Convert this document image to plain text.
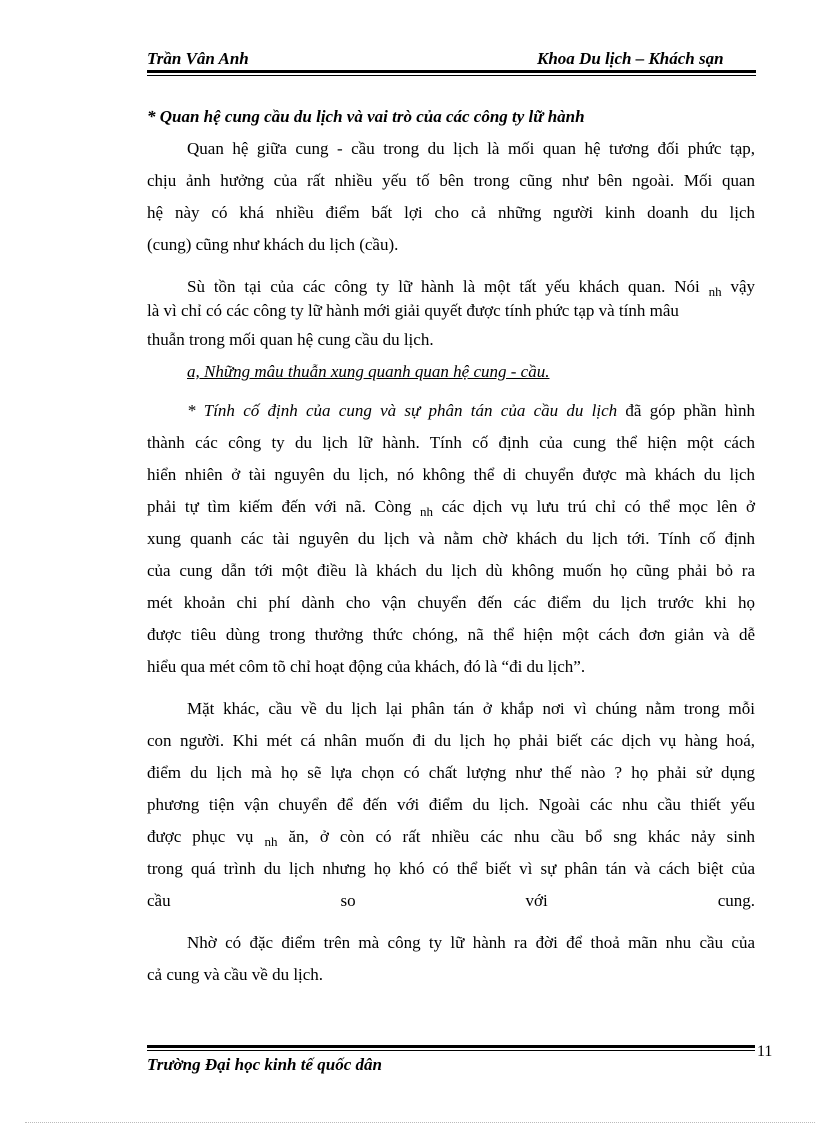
Trần Vân Anh	Khoa Du lịch – Khách sạn
* Quan hệ cung cầu du lịch và vai trò của các công ty lữ hành
Quan hệ giữa cung - cầu trong du lịch là mối quan hệ tương đối phức tạp,
chịu ảnh hưởng của rất nhiều yếu tố bên trong cũng như bên ngoài. Mối quan
hệ này có khá nhiều điểm bất lợi cho cả những người kinh doanh du lịch
(cung) cũng như khách du lịch (cầu).
Sù tồn tại của các công ty lữ hành là một tất yếu khách quan. Nói $_{nh}$ vậy
là vì chỉ có các công ty lữ hành mới giải quyết được tính phức tạp và tính mâu
thuẫn trong mối quan hệ cung cầu du lịch.
a, Những mâu thuẫn xung quanh quan hệ cung - cầu.
* Tính cố định của cung và sự phân tán của cầu du lịch đã góp phần hình
thành các công ty du lịch lữ hành. Tính cố định của cung thể hiện một cách
hiển nhiên ở tài nguyên du lịch, nó không thể di chuyển được mà khách du lịch
phải tự tìm kiếm đến với nã. Còng $_{nh}$ các dịch vụ lưu trú chỉ có thể mọc lên ở
xung quanh các tài nguyên du lịch và nằm chờ khách du lịch tới. Tính cố định
của cung dẫn tới một điều là khách du lịch dù không muốn họ cũng phải bỏ ra
mét khoản chi phí dành cho vận chuyển đến các điểm du lịch trước khi họ
được tiêu dùng trong thưởng thức chóng, nã thể hiện một cách đơn giản và dễ
hiểu qua mét côm tõ chỉ hoạt động của khách, đó là “đi du lịch”.
Mặt khác, cầu về du lịch lại phân tán ở khắp nơi vì chúng nằm trong mỗi
con người. Khi mét cá nhân muốn đi du lịch họ phải biết các dịch vụ hàng hoá,
điểm du lịch mà họ sẽ lựa chọn có chất lượng như thế nào ? họ phải sử dụng
phương tiện vận chuyển để đến với điểm du lịch. Ngoài các nhu cầu thiết yếu
được phục vụ $_{nh}$ ăn, ở còn có rất nhiều các nhu cầu bổ sng khác nảy sinh
trong quá trình du lịch nhưng họ khó có thể biết vì sự phân tán và cách biệt của
cầu so với cung.
Nhờ có đặc điểm trên mà công ty lữ hành ra đời để thoả mãn nhu cầu của
cả cung và cầu về du lịch.
Trường Đại học kinh tế quốc dân
11
